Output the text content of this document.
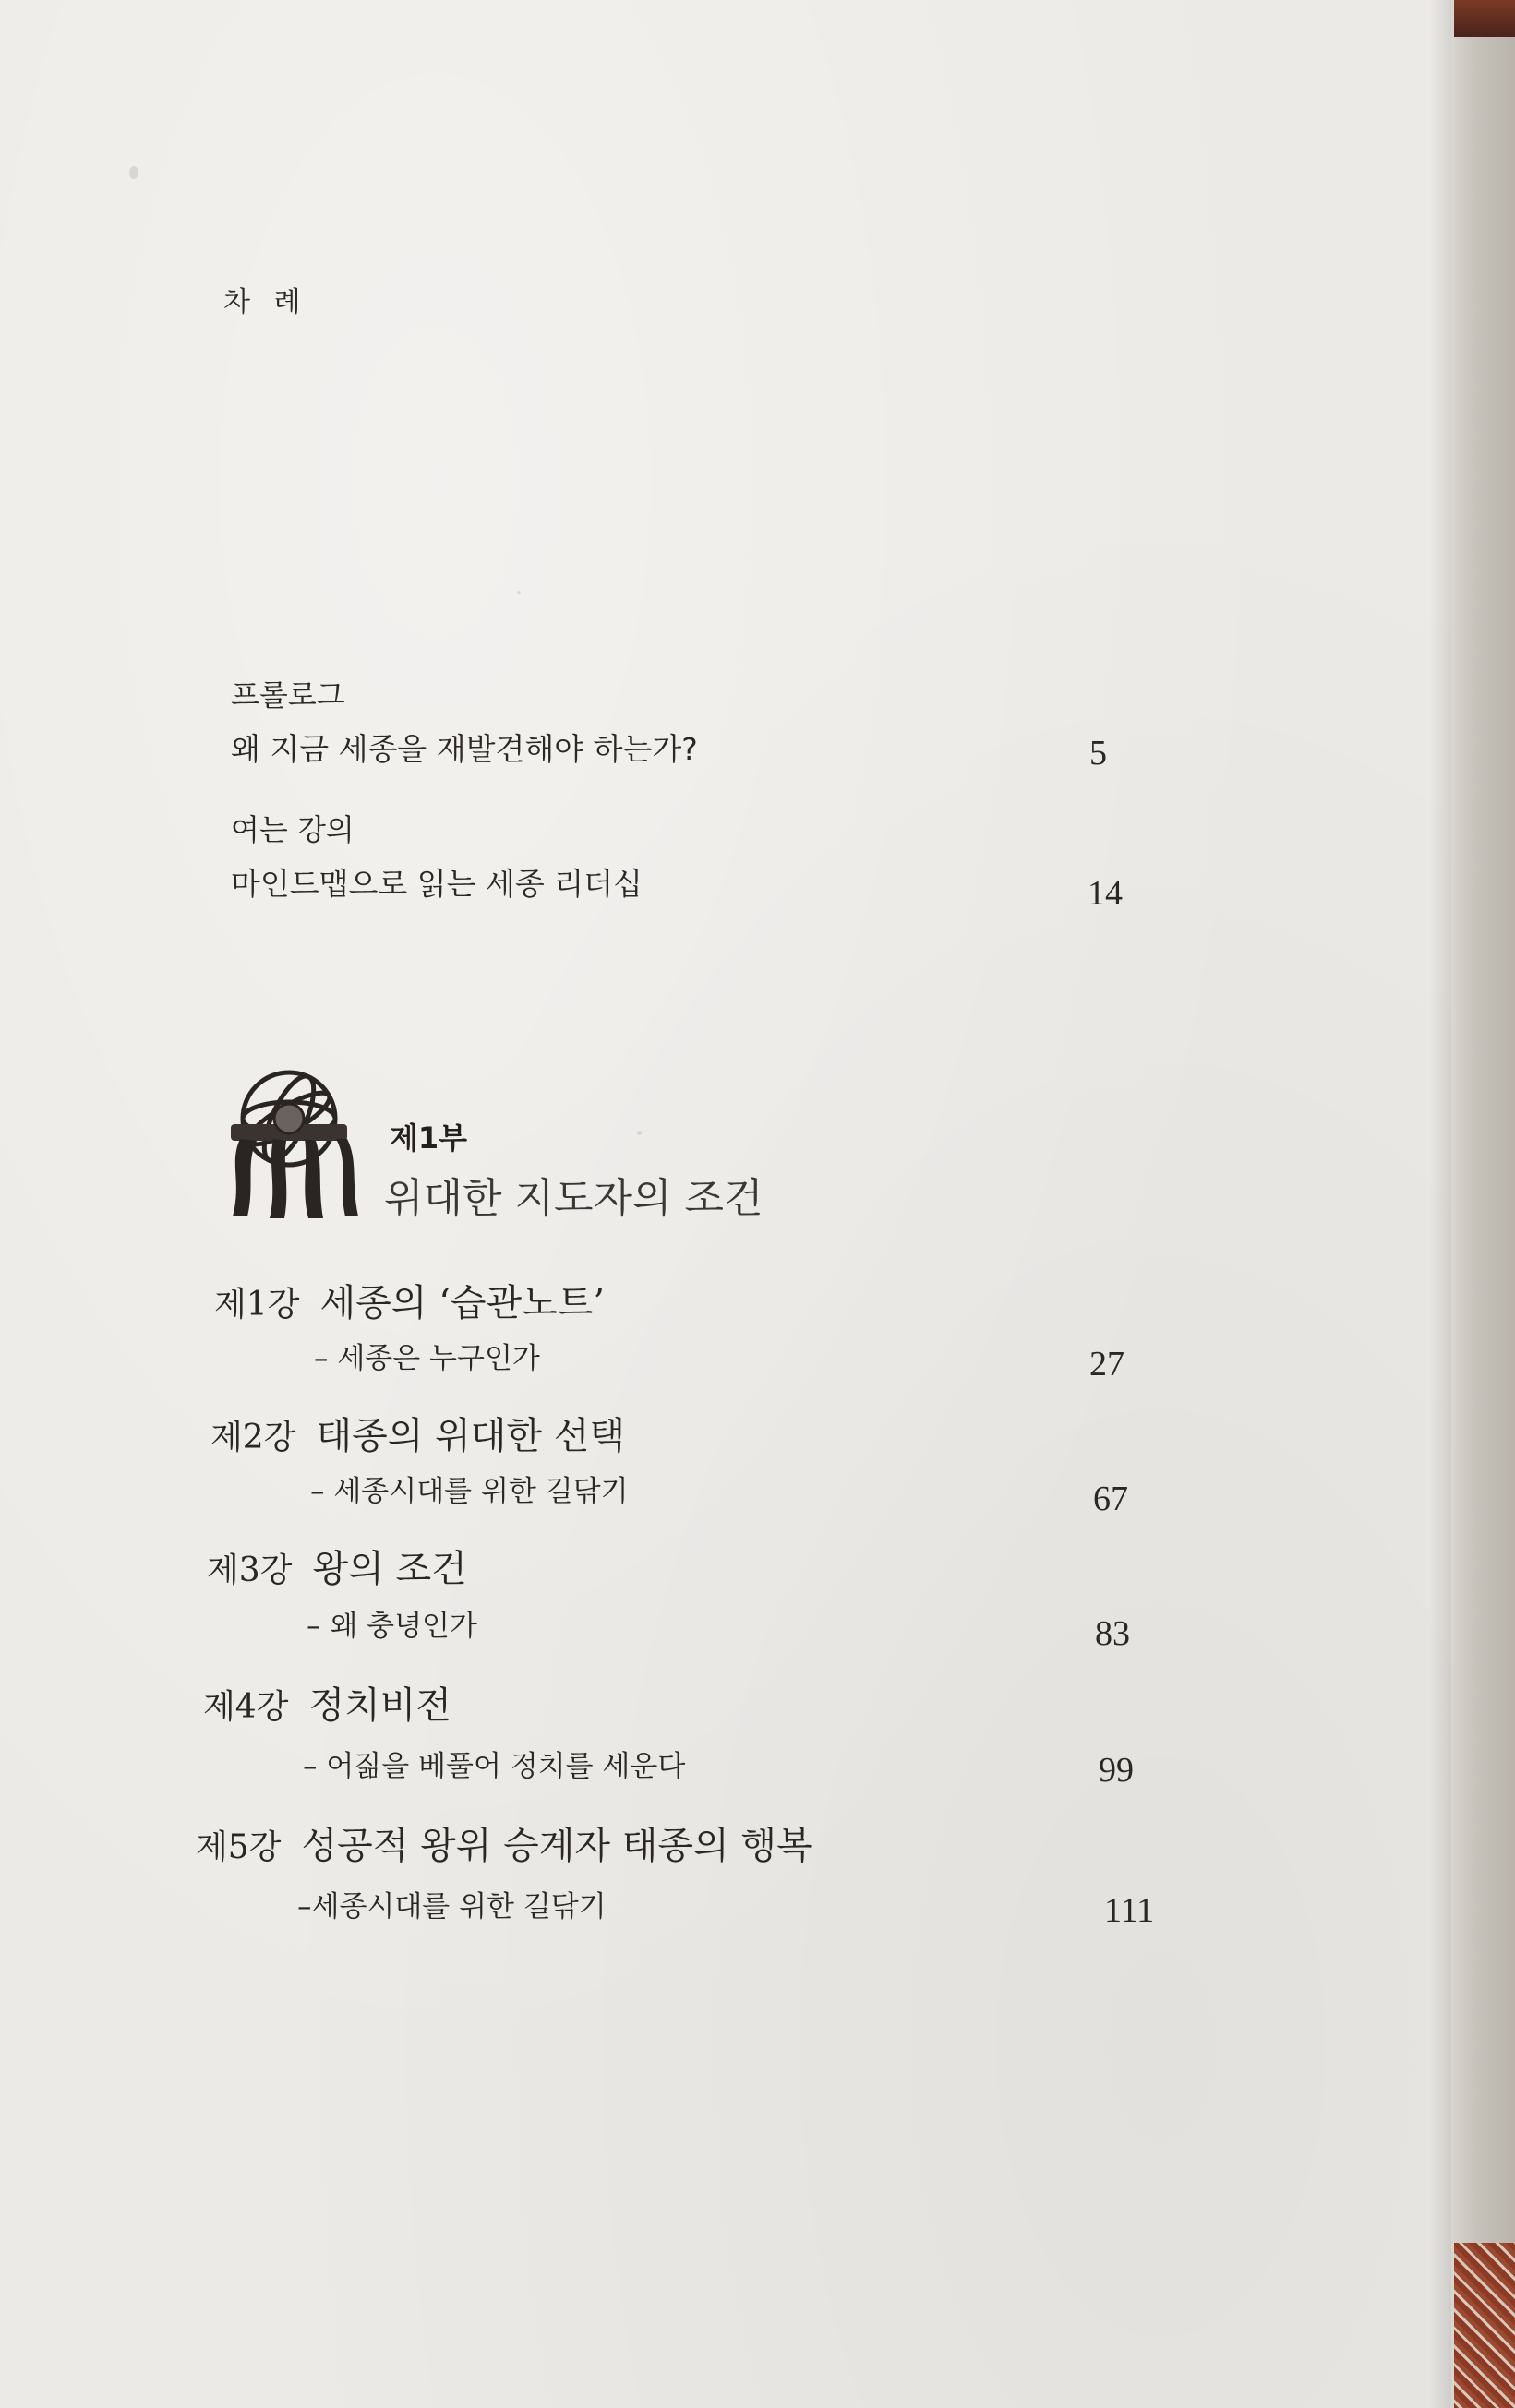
차 례
프롤로그
왜 지금 세종을 재발견해야 하는가?	5
여는 강의
마인드맵으로 읽는 세종 리더십	14
제1부
위대한 지도자의 조건
제1강 세종의 ‘습관노트’
– 세종은 누구인가	27
제2강 태종의 위대한 선택
– 세종시대를 위한 길닦기	67
제3강 왕의 조건
– 왜 충녕인가	83
제4강 정치비전
– 어짊을 베풀어 정치를 세운다	99
제5강 성공적 왕위 승계자 태종의 행복
–세종시대를 위한 길닦기	111
